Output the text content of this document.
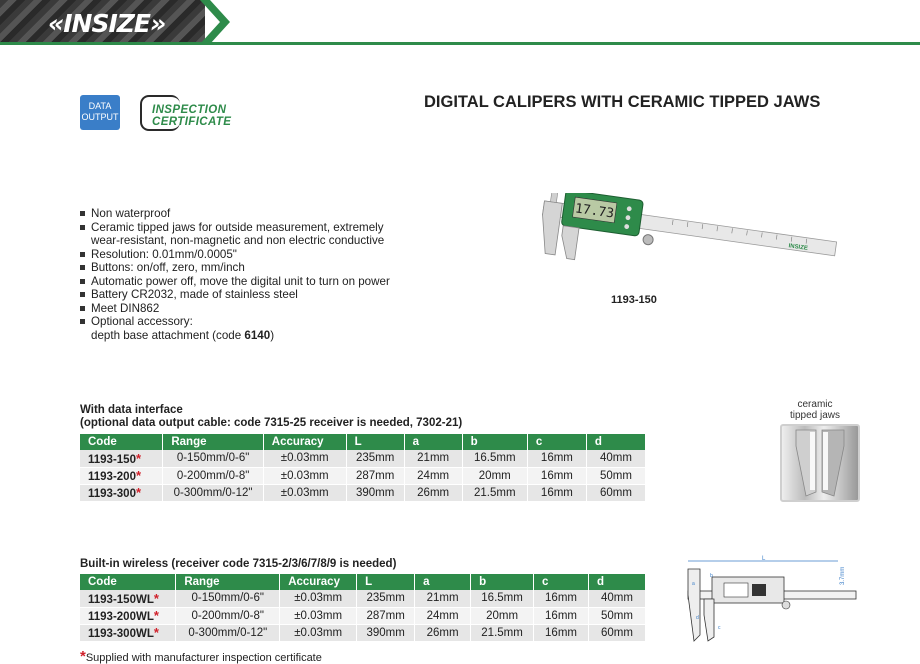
«INSIZE»
DATA
OUTPUT
INSPECTION
CERTIFICATE
DIGITAL CALIPERS WITH CERAMIC TIPPED JAWS
Non waterproof
Ceramic tipped jaws for outside measurement, extremely
wear-resistant, non-magnetic and non electric conductive
Resolution: 0.01mm/0.0005"
Buttons: on/off, zero, mm/inch
Automatic power off, move the digital unit to turn on power
Battery CR2032, made of stainless steel
Meet DIN862
Optional accessory:
depth base attachment (code 6140)
INSIZE
17.73
1193-150
With data interface
(optional data output cable: code 7315-25 receiver is needed, 7302-21)
Code	Range	Accuracy	L	a	b	c	d
1193-150*	0-150mm/0-6"	±0.03mm	235mm	21mm	16.5mm	16mm	40mm
1193-200*	0-200mm/0-8"	±0.03mm	287mm	24mm	20mm	16mm	50mm
1193-300*	0-300mm/0-12"	±0.03mm	390mm	26mm	21.5mm	16mm	60mm
ceramic
tipped jaws
Built-in wireless (receiver code 7315-2/3/6/7/8/9 is needed)
Code	Range	Accuracy	L	a	b	c	d
1193-150WL*	0-150mm/0-6"	±0.03mm	235mm	21mm	16.5mm	16mm	40mm
1193-200WL*	0-200mm/0-8"	±0.03mm	287mm	24mm	20mm	16mm	50mm
1193-300WL*	0-300mm/0-12"	±0.03mm	390mm	26mm	21.5mm	16mm	60mm
L
b
a
c
d
3.7mm
*Supplied with manufacturer inspection certificate
